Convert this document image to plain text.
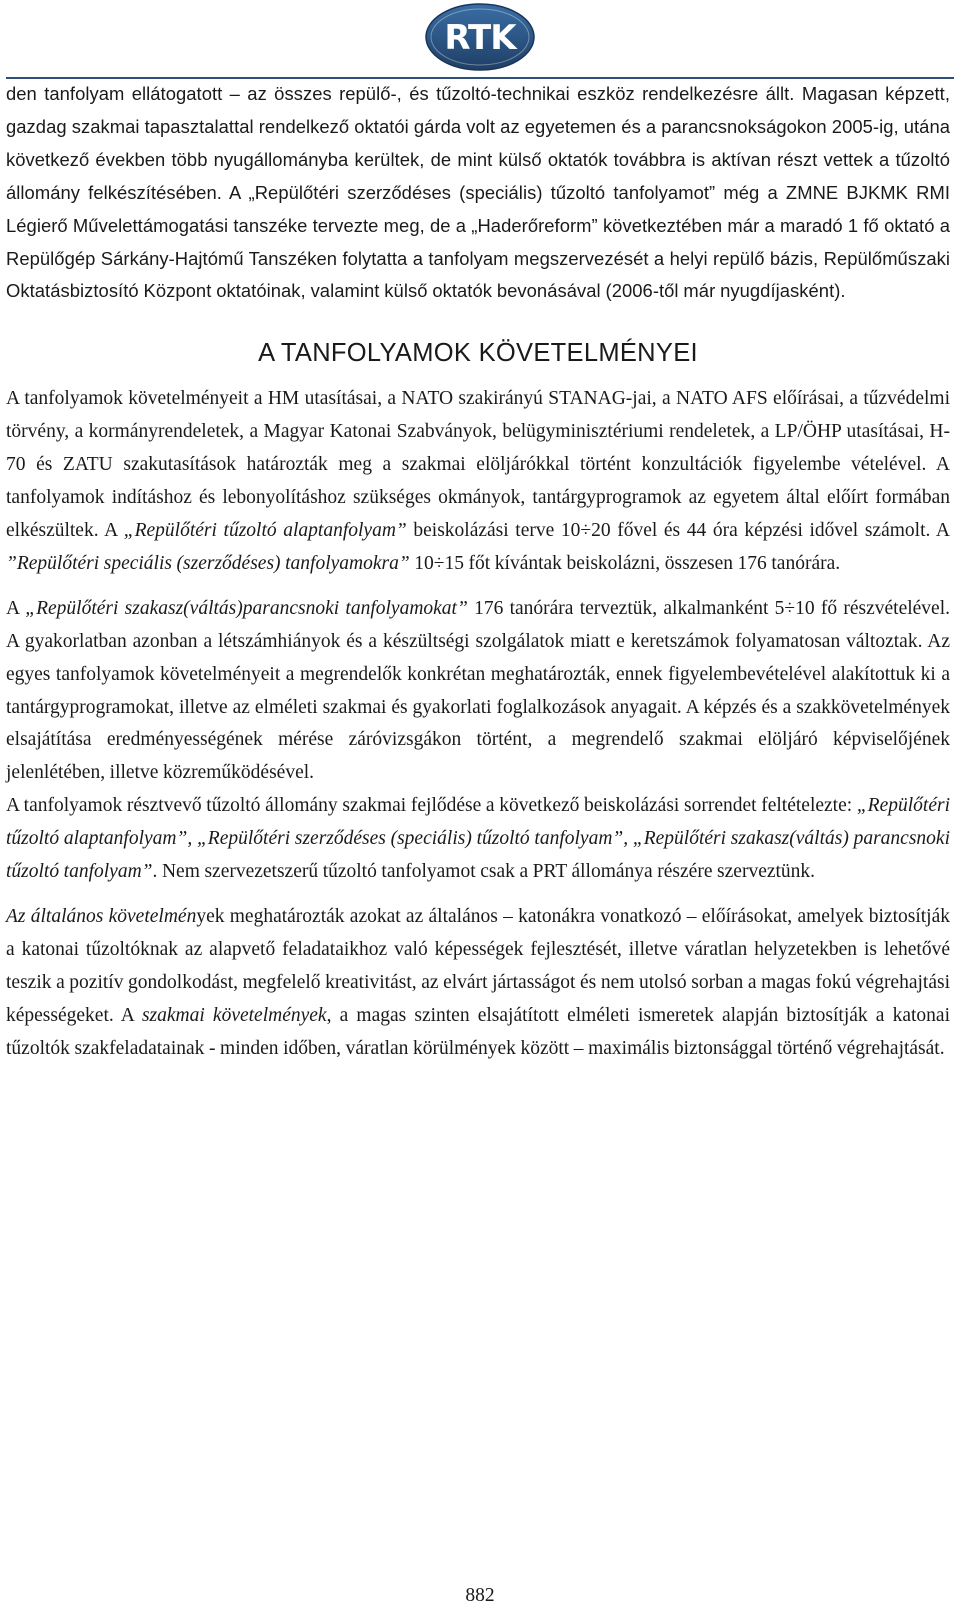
RTK

den tanfolyam ellátogatott – az összes repülő-, és tűzoltó-technikai eszköz rendelkezésre állt. Magasan képzett, gazdag szakmai tapasztalattal rendelkező oktatói gárda volt az egyetemen és a parancsnokságokon 2005-ig, utána következő években több nyugállományba kerültek, de mint külső oktatók továbbra is aktívan részt vettek a tűzoltó állomány felkészítésében. A „Repülőtéri szerződéses (speciális) tűzoltó tanfolyamot” még a ZMNE BJKMK RMI Légierő Művelettámogatási tanszéke tervezte meg, de a „Haderőreform” következtében már a maradó 1 fő oktató a Repülőgép Sárkány-Hajtómű Tanszéken folytatta a tanfolyam megszervezését a helyi repülő bázis, Repülőműszaki Oktatásbiztosító Központ oktatóinak, valamint külső oktatók bevonásával (2006-től már nyugdíjasként).

A TANFOLYAMOK KÖVETELMÉNYEI

A tanfolyamok követelményeit a HM utasításai, a NATO szakirányú STANAG-jai, a NATO AFS előírásai, a tűzvédelmi törvény, a kormányrendeletek, a Magyar Katonai Szabványok, belügyminisztériumi rendeletek, a LP/ÖHP utasításai, H-70 és ZATU szakutasítások határozták meg a szakmai elöljárókkal történt konzultációk figyelembe vételével. A tanfolyamok indításhoz és lebonyolításhoz szükséges okmányok, tantárgyprogramok az egyetem által előírt formában elkészültek. A „Repülőtéri tűzoltó alaptanfolyam” beiskolázási terve 10÷20 fővel és 44 óra képzési idővel számolt. A ”Repülőtéri speciális (szerződéses) tanfolyamokra” 10÷15 főt kívántak beiskolázni, összesen 176 tanórára.

A „Repülőtéri szakasz(váltás)parancsnoki tanfolyamokat” 176 tanórára terveztük, alkalmanként 5÷10 fő részvételével. A gyakorlatban azonban a létszámhiányok és a készültségi szolgálatok miatt e keretszámok folyamatosan változtak. Az egyes tanfolyamok követelményeit a megrendelők konkrétan meghatározták, ennek figyelembevételével alakítottuk ki a tantárgyprogramokat, illetve az elméleti szakmai és gyakorlati foglalkozások anyagait. A képzés és a szakkövetelmények elsajátítása eredményességének mérése záróvizsgákon történt, a megrendelő szakmai elöljáró képviselőjének jelenlétében, illetve közreműködésével.

A tanfolyamok résztvevő tűzoltó állomány szakmai fejlődése a következő beiskolázási sorrendet feltételezte: „Repülőtéri tűzoltó alaptanfolyam”, „Repülőtéri szerződéses (speciális) tűzoltó tanfolyam”, „Repülőtéri szakasz(váltás) parancsnoki tűzoltó tanfolyam”. Nem szervezetszerű tűzoltó tanfolyamot csak a PRT állománya részére szerveztünk.

Az általános követelmények meghatározták azokat az általános – katonákra vonatkozó – előírásokat, amelyek biztosítják a katonai tűzoltóknak az alapvető feladataikhoz való képességek fejlesztését, illetve váratlan helyzetekben is lehetővé teszik a pozitív gondolkodást, megfelelő kreativitást, az elvárt jártasságot és nem utolsó sorban a magas fokú végrehajtási képességeket. A szakmai követelmények, a magas szinten elsajátított elméleti ismeretek alapján biztosítják a katonai tűzoltók szakfeladatainak - minden időben, váratlan körülmények között – maximális biztonsággal történő végrehajtását.

882
